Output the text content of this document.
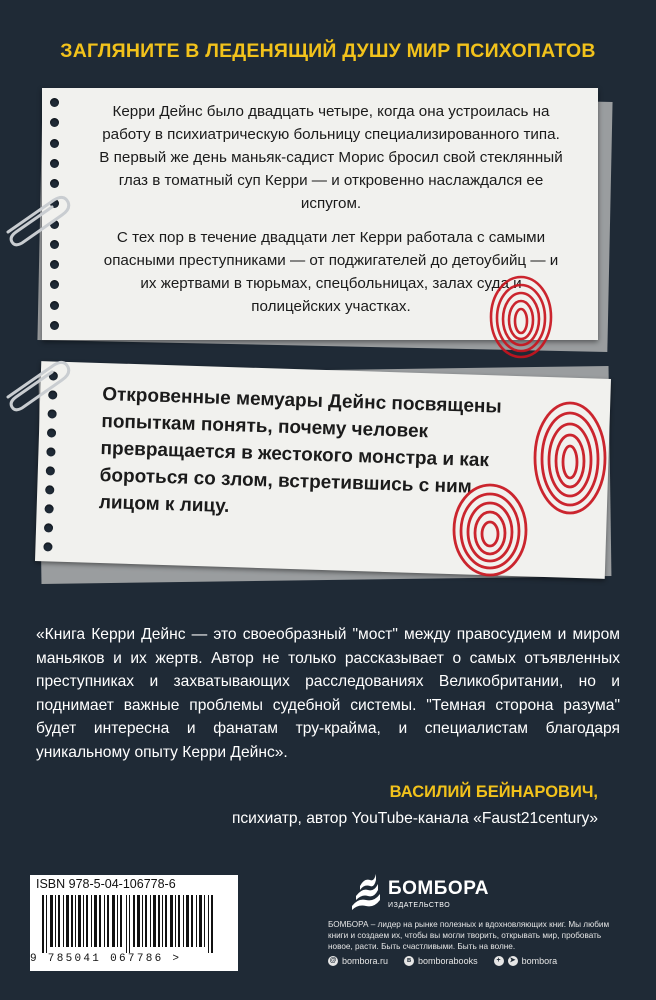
ЗАГЛЯНИТЕ В ЛЕДЕНЯЩИЙ ДУШУ МИР ПСИХОПАТОВ

Керри Дейнс было двадцать четыре, когда она устроилась на работу в психиатрическую больницу специализированного типа. В первый же день маньяк-садист Морис бросил свой стеклянный глаз в томатный суп Керри — и откровенно наслаждался ее испугом.

С тех пор в течение двадцати лет Керри работала с самыми опасными преступниками — от поджигателей до детоубийц — и их жертвами в тюрьмах, спецбольницах, залах суда и полицейских участках.

Откровенные мемуары Дейнс посвящены попыткам понять, почему человек превращается в жестокого монстра и как бороться со злом, встретившись с ним лицом к лицу.
«Книга Керри Дейнс — это своеобразный "мост" между правосудием и миром маньяков и их жертв. Автор не только рассказывает о самых отъявленных преступниках и захватывающих расследованиях Великобритании, но и поднимает важные проблемы судебной системы. "Темная сторона разума" будет интересна и фанатам тру-крайма, и специалистам благодаря уникальному опыту Керри Дейнс».
ВАСИЛИЙ БЕЙНАРОВИЧ,
психиатр, автор YouTube-канала «Faust21century»
ISBN 978-5-04-106778-6
9 785041 067786 >
БОМБОРА
ИЗДАТЕЛЬСТВО
БОМБОРА – лидер на рынке полезных и вдохновляющих книг. Мы любим книги и создаем их, чтобы вы могли творить, открывать мир, пробовать новое, расти. Быть счастливыми. Быть на волне.
@ bombora.ru	в bomborabooks	+	➤ bombora
